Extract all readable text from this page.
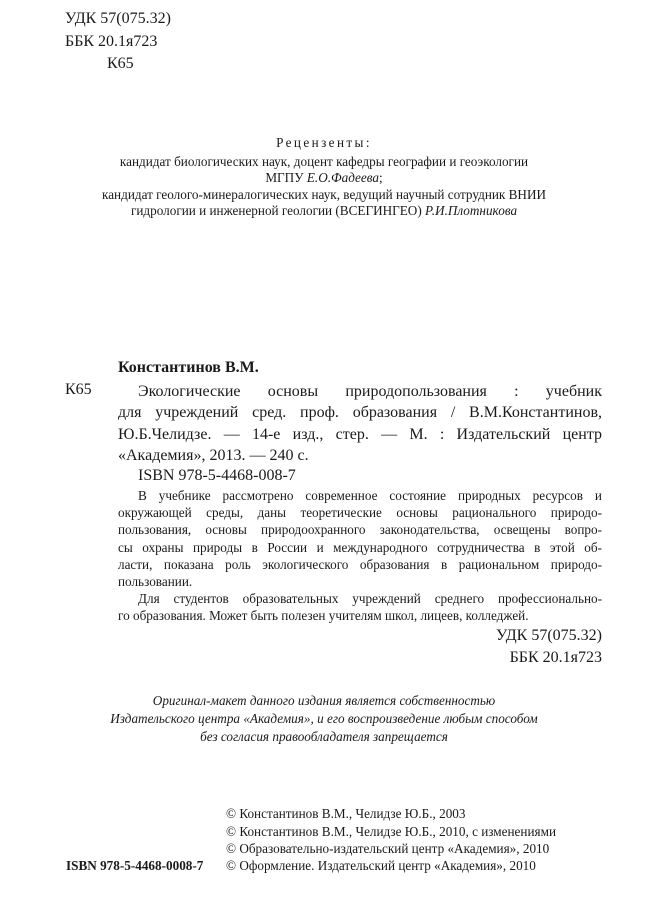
УДК 57(075.32)
ББК 20.1я723
К65
Рецензенты:
кандидат биологических наук, доцент кафедры географии и геоэкологии
МГПУ Е.О.Фадеева;
кандидат геолого-минералогических наук, ведущий научный сотрудник ВНИИ
гидрологии и инженерной геологии (ВСЕГИНГЕО) Р.И.Плотникова
Константинов В.М.
К65	Экологические основы природопользования : учебник
для учреждений сред. проф. образования / В.М.Константинов,
Ю.Б.Челидзе. — 14-е изд., стер. — М. : Издательский центр
«Академия», 2013. — 240 с.
ISBN 978-5-4468-008-7
В учебнике рассмотрено современное состояние природных ресурсов и
окружающей среды, даны теоретические основы рационального природо-
пользования, основы природоохранного законодательства, освещены вопро-
сы охраны природы в России и международного сотрудничества в этой об-
ласти, показана роль экологического образования в рациональном природо-
пользовании.
Для студентов образовательных учреждений среднего профессионально-
го образования. Может быть полезен учителям школ, лицеев, колледжей.
УДК 57(075.32)
ББК 20.1я723
Оригинал-макет данного издания является собственностью
Издательского центра «Академия», и его воспроизведение любым способом
без согласия правообладателя запрещается
© Константинов В.М., Челидзе Ю.Б., 2003
© Константинов В.М., Челидзе Ю.Б., 2010, с изменениями
© Образовательно-издательский центр «Академия», 2010
ISBN 978-5-4468-0008-7 © Оформление. Издательский центр «Академия», 2010
